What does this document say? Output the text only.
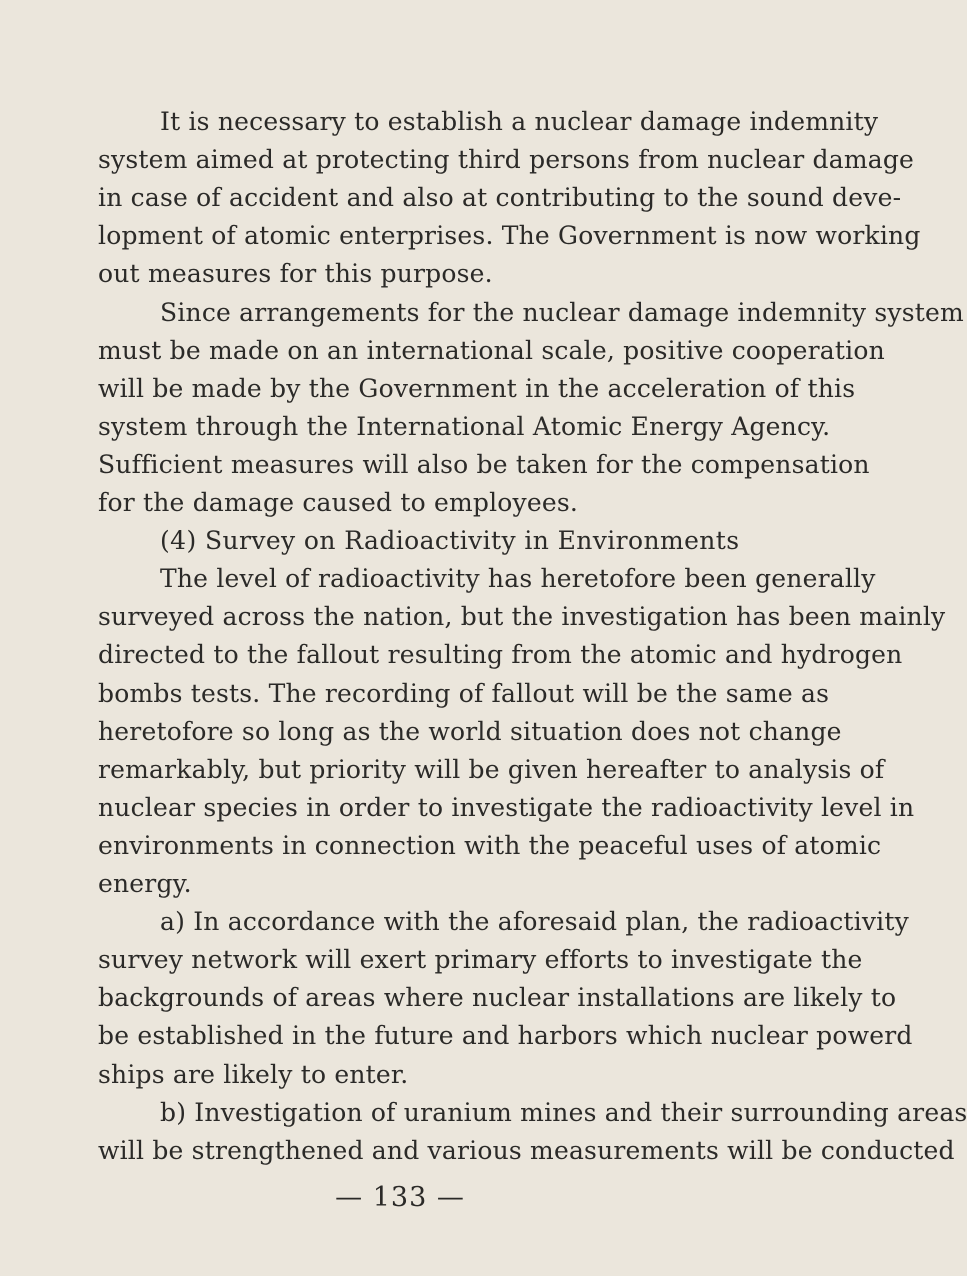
It is necessary to establish a nuclear damage indemnity
system aimed at protecting third persons from nuclear damage
in case of accident and also at contributing to the sound deve-
lopment of atomic enterprises. The Government is now working
out measures for this purpose.
Since arrangements for the nuclear damage indemnity system
must be made on an international scale, positive cooperation
will be made by the Government in the acceleration of this
system through the International Atomic Energy Agency.
Sufficient measures will also be taken for the compensation
for the damage caused to employees.
(4) Survey on Radioactivity in Environments
The level of radioactivity has heretofore been generally
surveyed across the nation, but the investigation has been mainly
directed to the fallout resulting from the atomic and hydrogen
bombs tests. The recording of fallout will be the same as
heretofore so long as the world situation does not change
remarkably, but priority will be given hereafter to analysis of
nuclear species in order to investigate the radioactivity level in
environments in connection with the peaceful uses of atomic
energy.
a) In accordance with the aforesaid plan, the radioactivity
survey network will exert primary efforts to investigate the
backgrounds of areas where nuclear installations are likely to
be established in the future and harbors which nuclear powerd
ships are likely to enter.
b) Investigation of uranium mines and their surrounding areas
will be strengthened and various measurements will be conducted
— 133 —
